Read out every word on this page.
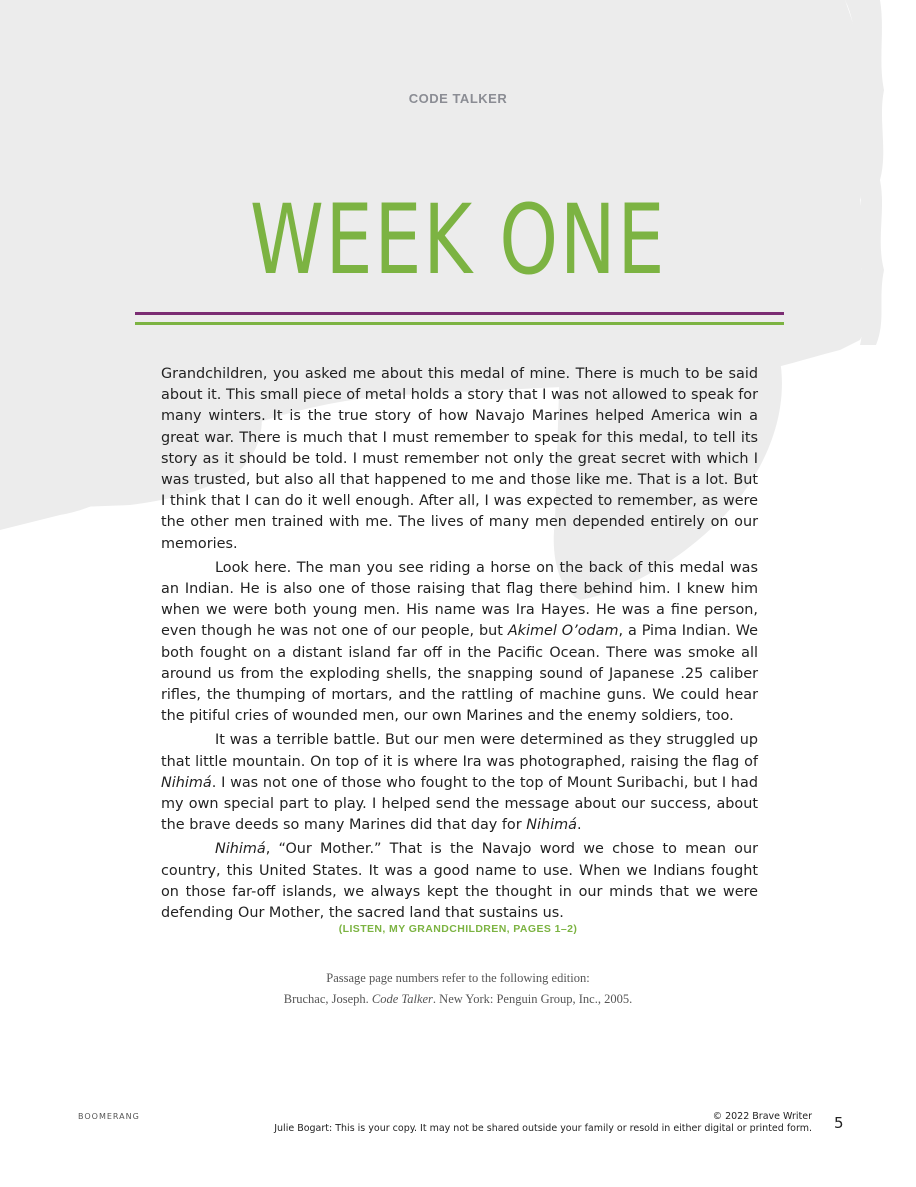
CODE TALKER
WEEK ONE

Grandchildren, you asked me about this medal of mine. There is much to be said about it. This small piece of metal holds a story that I was not allowed to speak for many winters. It is the true story of how Navajo Marines helped America win a great war. There is much that I must remember to speak for this medal, to tell its story as it should be told. I must remember not only the great secret with which I was trusted, but also all that happened to me and those like me. That is a lot. But I think that I can do it well enough. After all, I was expected to remember, as were the other men trained with me. The lives of many men depended entirely on our memories.

Look here. The man you see riding a horse on the back of this medal was an Indian. He is also one of those raising that flag there behind him. I knew him when we were both young men. His name was Ira Hayes. He was a fine person, even though he was not one of our people, but Akimel O’odam, a Pima Indian. We both fought on a distant island far off in the Pacific Ocean. There was smoke all around us from the exploding shells, the snapping sound of Japanese .25 caliber rifles, the thumping of mortars, and the rattling of machine guns. We could hear the pitiful cries of wounded men, our own Marines and the enemy soldiers, too.

It was a terrible battle. But our men were determined as they struggled up that little mountain. On top of it is where Ira was photographed, raising the flag of Nihimá. I was not one of those who fought to the top of Mount Suribachi, but I had my own special part to play. I helped send the message about our success, about the brave deeds so many Marines did that day for Nihimá.

Nihimá, “Our Mother.” That is the Navajo word we chose to mean our country, this United States. It was a good name to use. When we Indians fought on those far-off islands, we always kept the thought in our minds that we were defending Our Mother, the sacred land that sustains us.

(LISTEN, MY GRANDCHILDREN, PAGES 1–2)
Passage page numbers refer to the following edition:
Bruchac, Joseph. Code Talker. New York: Penguin Group, Inc., 2005.
BOOMERANG	© 2022 Brave Writer
Julie Bogart: This is your copy. It may not be shared outside your family or resold in either digital or printed form. 5
